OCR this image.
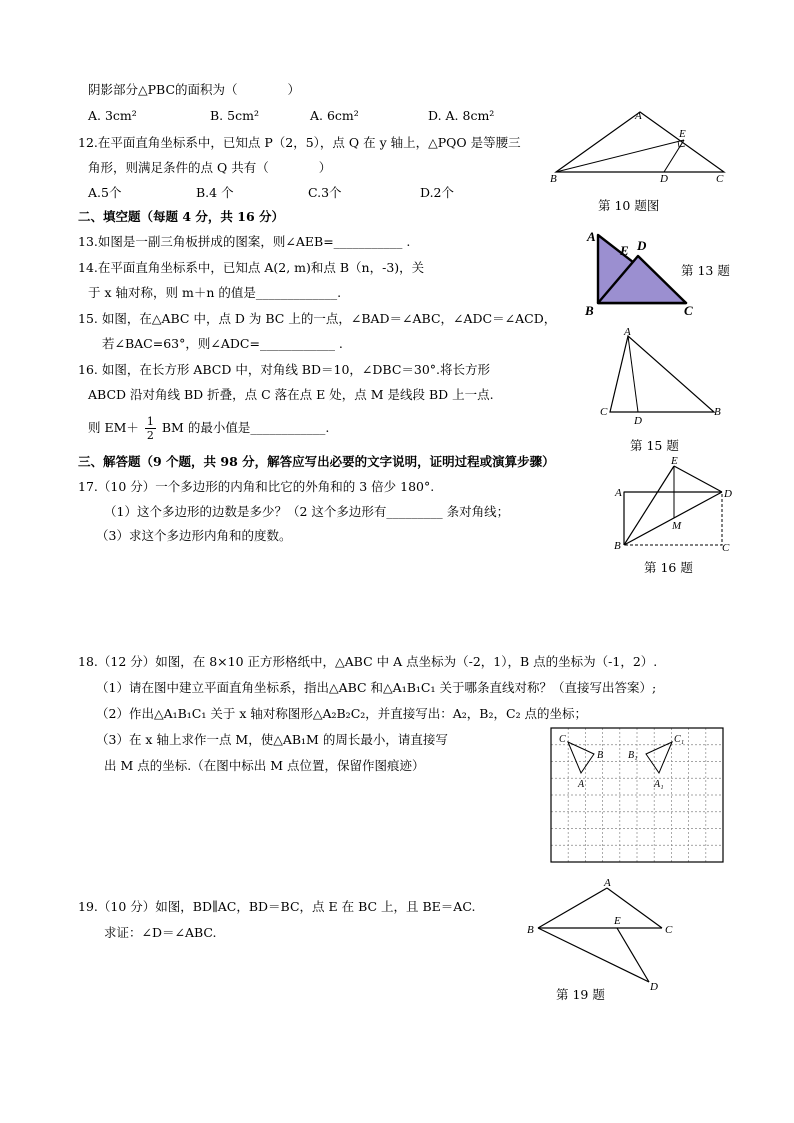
阴影部分△PBC的面积为（　　　　）
A. 3cm²	B. 5cm²	A. 6cm²	D. A. 8cm²
12.在平面直角坐标系中，已知点 P（2，5），点 Q 在 y 轴上，△PQO 是等腰三
角形，则满足条件的点 Q 共有（　　　　）
A.5个	B.4 个	C.3个	D.2个
二、填空题（每题 4 分，共 16 分）
13.如图是一副三角板拼成的图案，则∠AEB=___________ .
14.在平面直角坐标系中，已知点 A(2, m)和点 B（n，-3)，关
于 x 轴对称，则 m＋n 的值是_____________.
15. 如图，在△ABC 中，点 D 为 BC 上的一点，∠BAD＝∠ABC，∠ADC＝∠ACD，
若∠BAC=63°，则∠ADC=____________ .
16. 如图，在长方形 ABCD 中，对角线 BD＝10，∠DBC＝30°.将长方形
ABCD 沿对角线 BD 折叠，点 C 落在点 E 处，点 M 是线段 BD 上一点.
则 $EM+ \frac{1}{2}$ BM 的最小值是____________.
三、解答题（9 个题，共 98 分，解答应写出必要的文字说明，证明过程或演算步骤）
17.（10 分）一个多边形的内角和比它的外角和的 3 倍少 180°.
（1）这个多边形的边数是多少？（2 这个多边形有_________ 条对角线；
（3）求这个多边形内角和的度数。
18.（12 分）如图，在 8×10 正方形格纸中，△ABC 中 A 点坐标为（-2，1），B 点的坐标为（-1，2）.
（1）请在图中建立平面直角坐标系，指出△ABC 和△A₁B₁C₁ 关于哪条直线对称？（直接写出答案）;
（2）作出△A₁B₁C₁ 关于 x 轴对称图形△A₂B₂C₂，并直接写出：A₂，B₂，C₂ 点的坐标；
（3）在 x 轴上求作一点 M，使△AB₁M 的周长最小，请直接写
出 M 点的坐标.（在图中标出 M 点位置，保留作图痕迹）
19.（10 分）如图，BD∥AC，BD＝BC，点 E 在 BC 上，且 BE＝AC.
求证：∠D＝∠ABC.
A
B
E
D	C
第 10 题图
A
E D
B	C
第 13 题
A
C
D
B
第 15 题
E
A	D
M
B	C
第 16 题
C
B
A
B₁
C₁
A₁
A
B
E
C
D
第 19 题
